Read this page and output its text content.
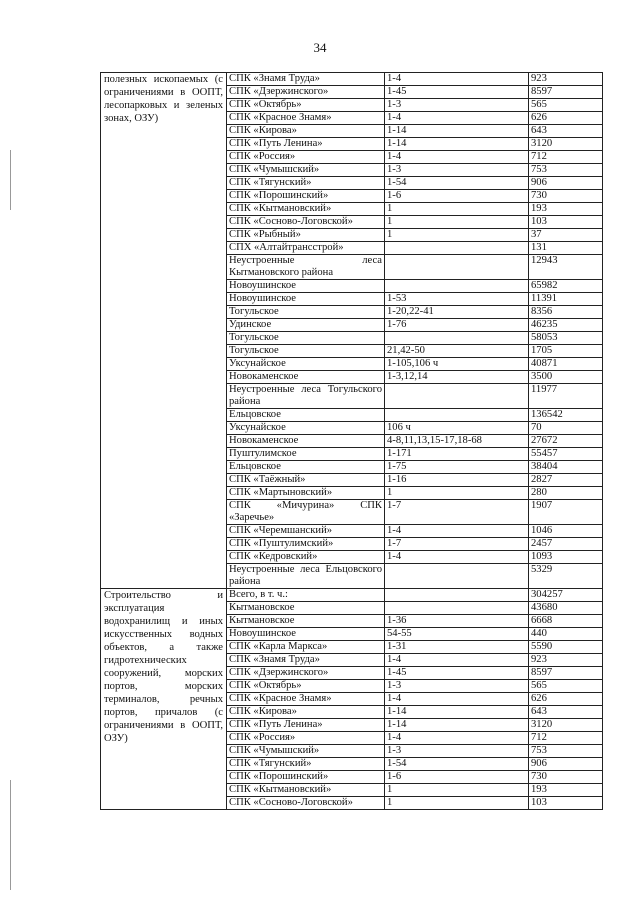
34
полезных ископаемых (с ограничениями в ООПТ, лесопарковых и зеленых зонах, ОЗУ)	СПК «Знамя Труда»	1-4	923
	СПК «Дзержинского»	1-45	8597
	СПК «Октябрь»	1-3	565
	СПК «Красное Знамя»	1-4	626
	СПК «Кирова»	1-14	643
	СПК «Путь Ленина»	1-14	3120
	СПК «Россия»	1-4	712
	СПК «Чумышский»	1-3	753
	СПК «Тягунский»	1-54	906
	СПК «Порошинский»	1-6	730
	СПК «Кытмановский»	1	193
	СПК «Сосново-Логовской»	1	103
	СПК «Рыбный»	1	37
	СПХ «Алтайтрансстрой»		131
	Неустроенные леса Кытмановского района		12943
	Новоушинское		65982
	Новоушинское	1-53	11391
	Тогульское	1-20,22-41	8356
	Удинское	1-76	46235
	Тогульское		58053
	Тогульское	21,42-50	1705
	Уксунайское	1-105,106 ч	40871
	Новокаменское	1-3,12,14	3500
	Неустроенные леса Тогульского района		11977
	Ельцовское		136542
	Уксунайское	106 ч	70
	Новокаменское	4-8,11,13,15-17,18-68	27672
	Пуштулимское	1-171	55457
	Ельцовское	1-75	38404
	СПК «Таёжный»	1-16	2827
	СПК «Мартыновский»	1	280
	СПК «Мичурина» СПК «Заречье»	1-7	1907
	СПК «Черемшанский»	1-4	1046
	СПК «Пуштулимский»	1-7	2457
	СПК «Кедровский»	1-4	1093
	Неустроенные леса Ельцовского района		5329
Строительство и эксплуатация водохранилищ и иных искусственных водных объектов, а также гидротехнических сооружений, морских портов, морских терминалов, речных портов, причалов (с ограничениями в ООПТ, ОЗУ)	Всего, в т. ч.:		304257
	Кытмановское		43680
	Кытмановское	1-36	6668
	Новоушинское	54-55	440
	СПК «Карла Маркса»	1-31	5590
	СПК «Знамя Труда»	1-4	923
	СПК «Дзержинского»	1-45	8597
	СПК «Октябрь»	1-3	565
	СПК «Красное Знамя»	1-4	626
	СПК «Кирова»	1-14	643
	СПК «Путь Ленина»	1-14	3120
	СПК «Россия»	1-4	712
	СПК «Чумышский»	1-3	753
	СПК «Тягунский»	1-54	906
	СПК «Порошинский»	1-6	730
	СПК «Кытмановский»	1	193
	СПК «Сосново-Логовской»	1	103
